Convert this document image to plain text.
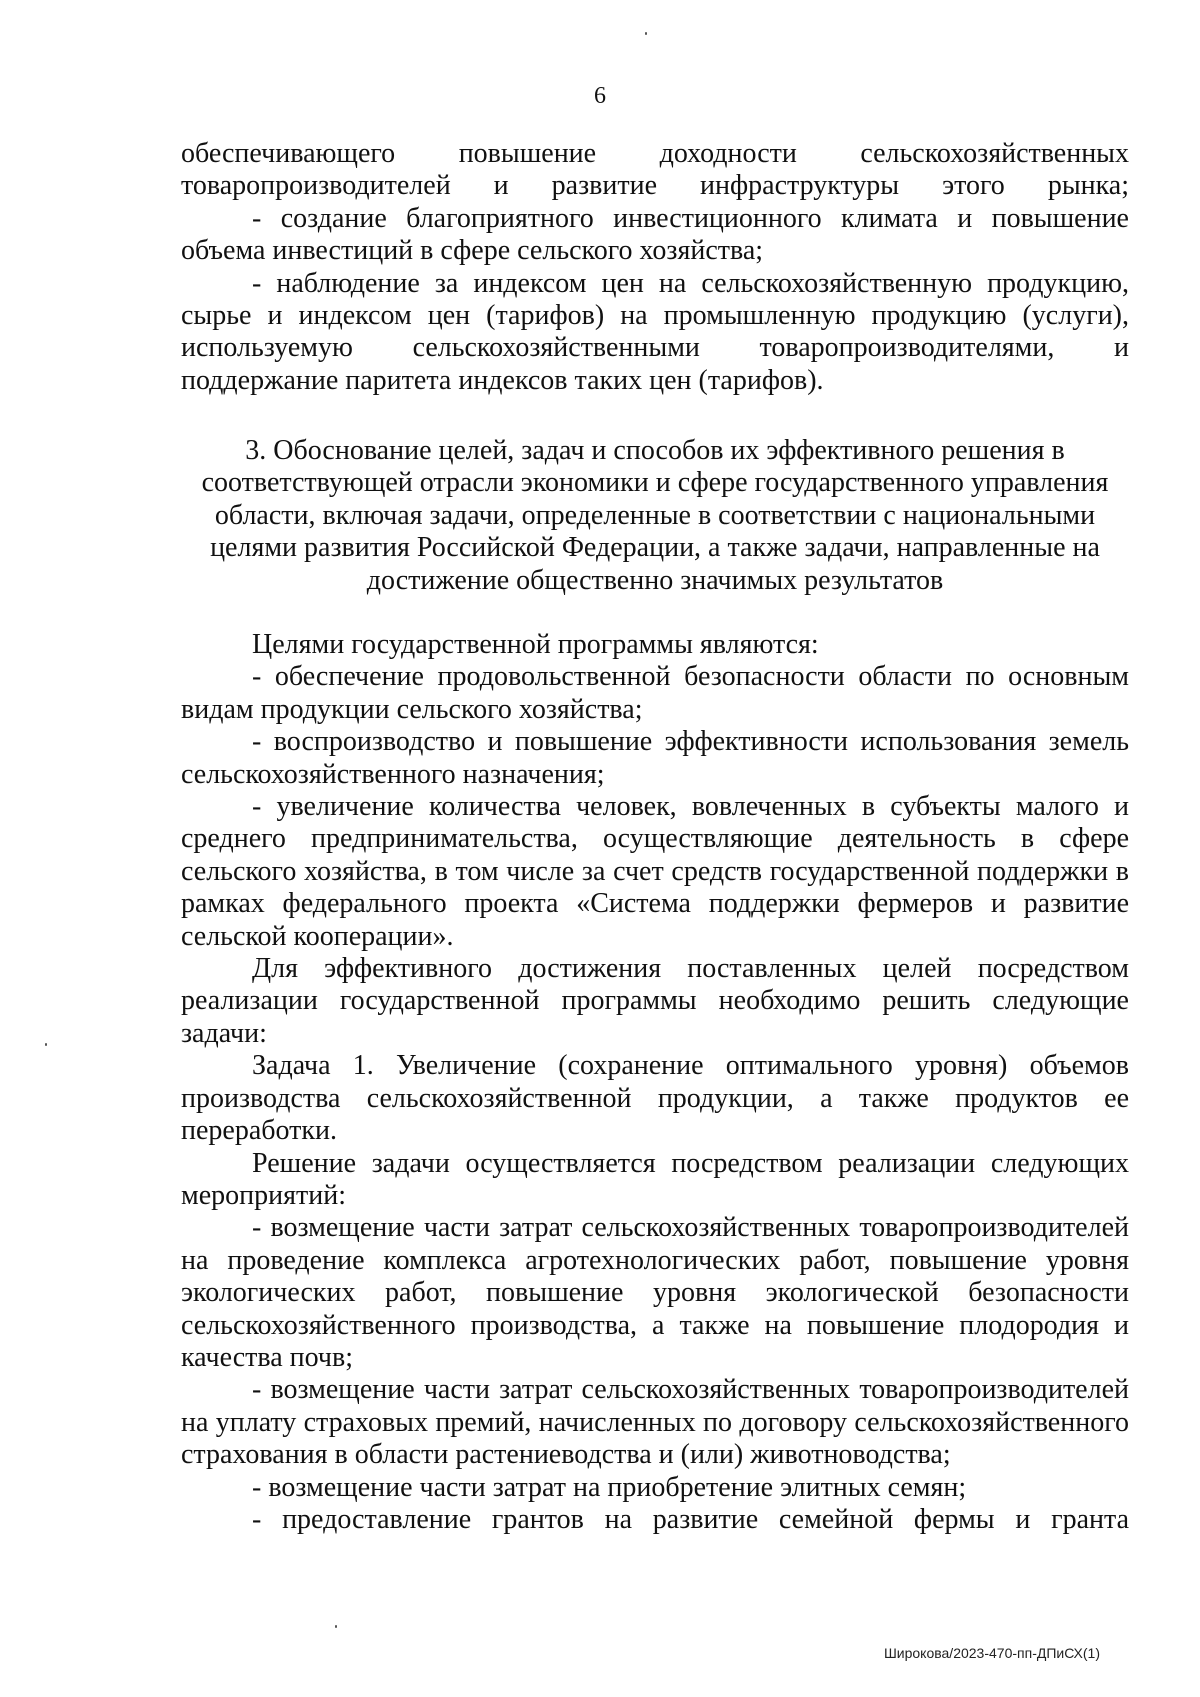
6

обеспечивающего повышение доходности сельскохозяйственных товаропроизводителей и развитие инфраструктуры этого рынка;

- создание благоприятного инвестиционного климата и повышение объема инвестиций в сфере сельского хозяйства;

- наблюдение за индексом цен на сельскохозяйственную продукцию, сырье и индексом цен (тарифов) на промышленную продукцию (услуги), используемую сельскохозяйственными товаропроизводителями, и поддержание паритета индексов таких цен (тарифов).

3. Обоснование целей, задач и способов их эффективного решения в

соответствующей отрасли экономики и сфере государственного управления

области, включая задачи, определенные в соответствии с национальными

целями развития Российской Федерации, а также задачи, направленные на

достижение общественно значимых результатов

Целями государственной программы являются:

- обеспечение продовольственной безопасности области по основным видам продукции сельского хозяйства;

- воспроизводство и повышение эффективности использования земель сельскохозяйственного назначения;

- увеличение количества человек, вовлеченных в субъекты малого и среднего предпринимательства, осуществляющие деятельность в сфере сельского хозяйства, в том числе за счет средств государственной поддержки в рамках федерального проекта «Система поддержки фермеров и развитие сельской кооперации».

Для эффективного достижения поставленных целей посредством реализации государственной программы необходимо решить следующие задачи:

Задача 1. Увеличение (сохранение оптимального уровня) объемов производства сельскохозяйственной продукции, а также продуктов ее переработки.

Решение задачи осуществляется посредством реализации следующих мероприятий:

- возмещение части затрат сельскохозяйственных товаропроизводителей на проведение комплекса агротехнологических работ, повышение уровня экологических работ, повышение уровня экологической безопасности сельскохозяйственного производства, а также на повышение плодородия и качества почв;

- возмещение части затрат сельскохозяйственных товаропроизводителей на уплату страховых премий, начисленных по договору сельскохозяйственного страхования в области растениеводства и (или) животноводства;

- возмещение части затрат на приобретение элитных семян;

- предоставление грантов на развитие семейной фермы и гранта

Широкова/2023-470-пп-ДПиСХ(1)
